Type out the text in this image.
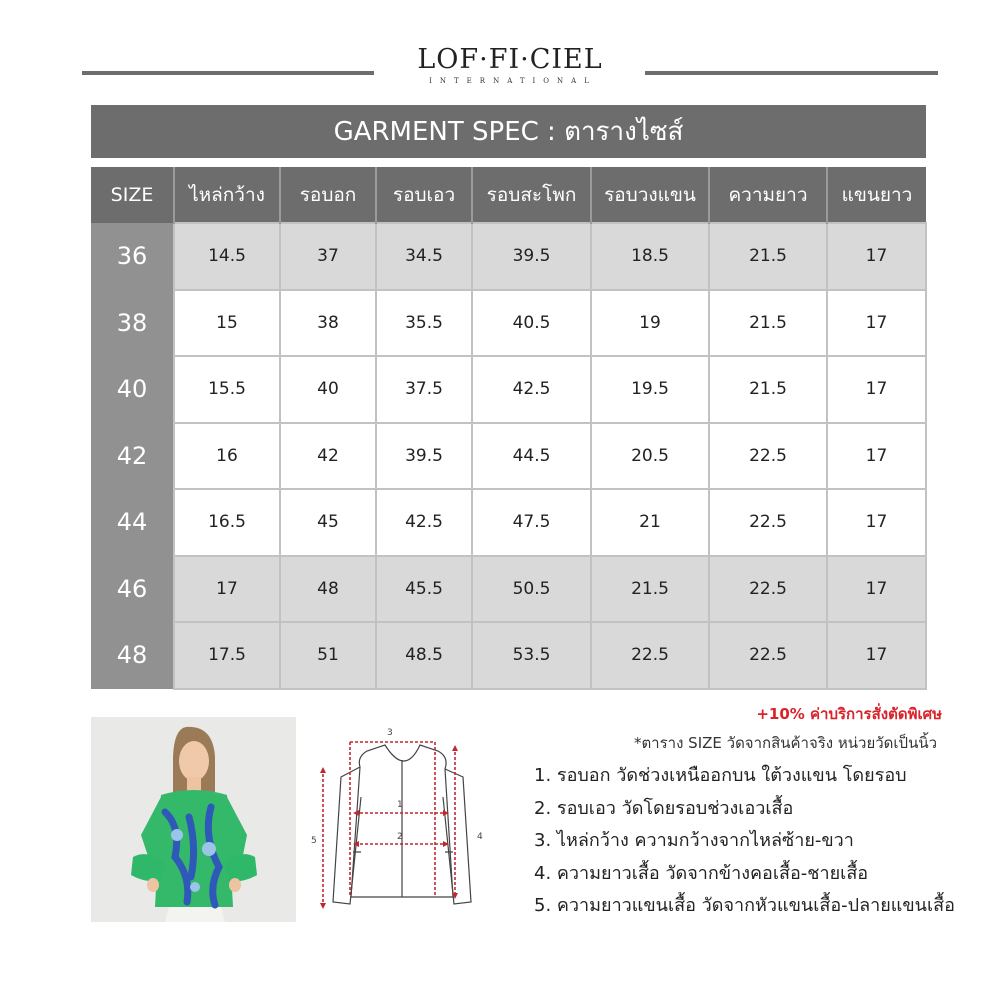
LOF·FI·CIEL
INTERNATIONAL
GARMENT SPEC : ตารางไซส์
SIZE	ไหล่กว้าง	รอบอก	รอบเอว	รอบสะโพก	รอบวงแขน	ความยาว	แขนยาว
36	14.5	37	34.5	39.5	18.5	21.5	17
38	15	38	35.5	40.5	19	21.5	17
40	15.5	40	37.5	42.5	19.5	21.5	17
42	16	42	39.5	44.5	20.5	22.5	17
44	16.5	45	42.5	47.5	21	22.5	17
46	17	48	45.5	50.5	21.5	22.5	17
48	17.5	51	48.5	53.5	22.5	22.5	17
+10% ค่าบริการสั่งตัดพิเศษ
*ตาราง SIZE วัดจากสินค้าจริง หน่วยวัดเป็นนิ้ว
1. รอบอก วัดช่วงเหนืออกบน ใต้วงแขน โดยรอบ
2. รอบเอว วัดโดยรอบช่วงเอวเสื้อ
3. ไหล่กว้าง ความกว้างจากไหล่ซ้าย-ขวา
4. ความยาวเสื้อ วัดจากข้างคอเสื้อ-ชายเสื้อ
5. ความยาวแขนเสื้อ วัดจากหัวแขนเสื้อ-ปลายแขนเสื้อ
3
1
2	4
5
